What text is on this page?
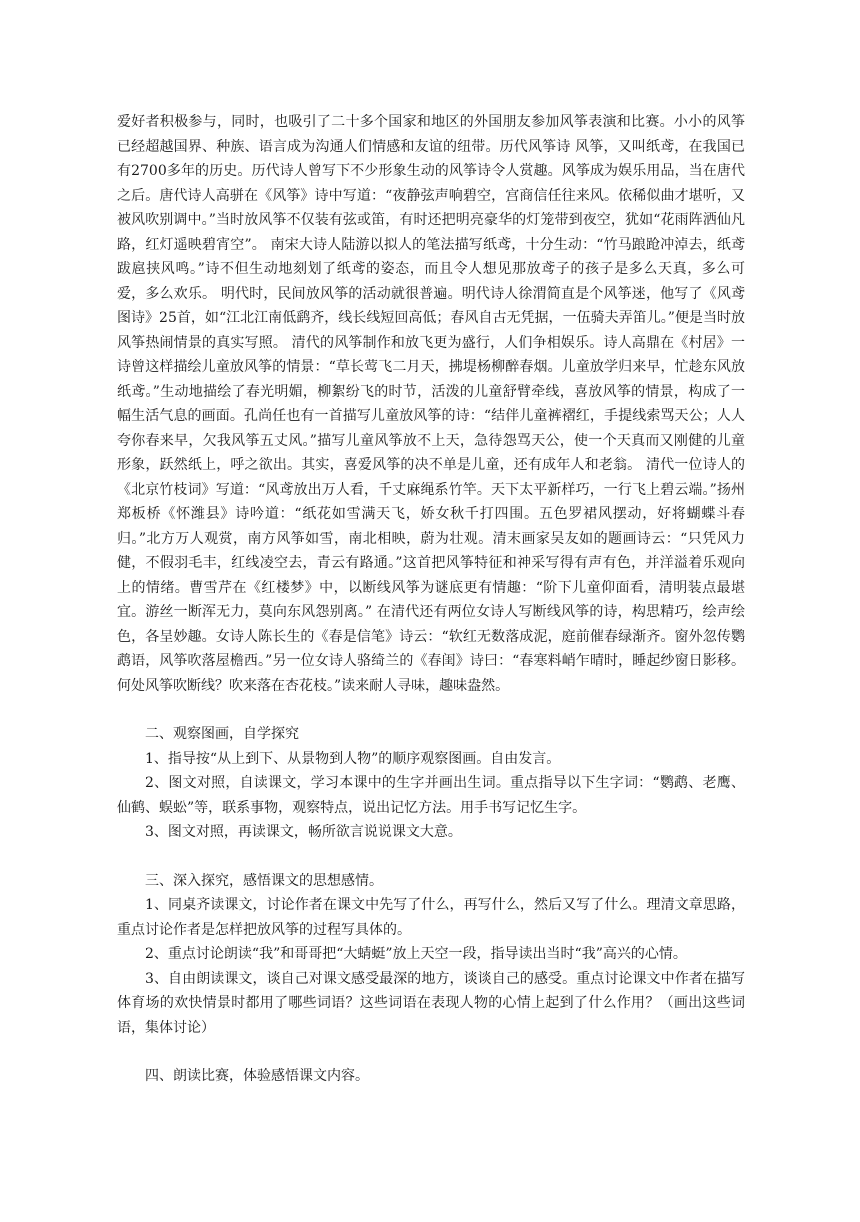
爱好者积极参与，同时，也吸引了二十多个国家和地区的外国朋友参加风筝表演和比赛。小小的风筝已经超越国界、种族、语言成为沟通人们情感和友谊的纽带。历代风筝诗 风筝，又叫纸鸢，在我国已有2700多年的历史。历代诗人曾写下不少形象生动的风筝诗令人赏趣。风筝成为娱乐用品，当在唐代之后。唐代诗人高骈在《风筝》诗中写道：“夜静弦声响碧空，宫商信任往来风。依稀似曲才堪听，又被风吹别调中。”当时放风筝不仅装有弦或笛，有时还把明亮豪华的灯笼带到夜空，犹如“花雨阵洒仙凡路，红灯遥映碧宵空”。 南宋大诗人陆游以拟人的笔法描写纸鸢，十分生动：“竹马踉跄冲淖去，纸鸢跋扈挟风鸣。”诗不但生动地刻划了纸鸢的姿态，而且令人想见那放鸢子的孩子是多么天真，多么可爱，多么欢乐。 明代时，民间放风筝的活动就很普遍。明代诗人徐渭简直是个风筝迷，他写了《风鸢图诗》25首，如“江北江南低鹞齐，线长线短回高低；春风自古无凭据，一伍骑夫弄笛儿。”便是当时放风筝热闹情景的真实写照。 清代的风筝制作和放飞更为盛行，人们争相娱乐。诗人高鼎在《村居》一诗曾这样描绘儿童放风筝的情景：“草长莺飞二月天，拂堤杨柳醉春烟。儿童放学归来早，忙趁东风放纸鸢。”生动地描绘了春光明媚，柳絮纷飞的时节，活泼的儿童舒臂牵线，喜放风筝的情景，构成了一幅生活气息的画面。孔尚任也有一首描写儿童放风筝的诗：“结伴儿童裤褶红，手提线索骂天公；人人夸你春来早，欠我风筝五丈风。”描写儿童风筝放不上天，急待怨骂天公，使一个天真而又刚健的儿童形象，跃然纸上，呼之欲出。其实，喜爱风筝的决不单是儿童，还有成年人和老翁。 清代一位诗人的《北京竹枝词》写道：“风鸢放出万人看，千丈麻绳系竹竿。天下太平新样巧，一行飞上碧云端。”扬州郑板桥《怀潍县》诗吟道：“纸花如雪满天飞，娇女秋千打四围。五色罗裙风摆动，好将蝴蝶斗春归。”北方万人观赏，南方风筝如雪，南北相映，蔚为壮观。清末画家吴友如的题画诗云：“只凭风力健，不假羽毛丰，红线凌空去，青云有路通。”这首把风筝特征和神采写得有声有色，并洋溢着乐观向上的情绪。曹雪芹在《红楼梦》中，以断线风筝为谜底更有情趣：“阶下儿童仰面看，清明装点最堪宜。游丝一断浑无力，莫向东风怨别离。” 在清代还有两位女诗人写断线风筝的诗，构思精巧，绘声绘色，各呈妙趣。女诗人陈长生的《春是信笔》诗云：“软红无数落成泥，庭前催春绿渐齐。窗外忽传鹦鹉语，风筝吹落屋檐西。”另一位女诗人骆绮兰的《春闺》诗曰：“春寒料峭乍晴时，睡起纱窗日影移。何处风筝吹断线？吹来落在杏花枝。”读来耐人寻味，趣味盎然。

二、观察图画，自学探究

1、指导按“从上到下、从景物到人物”的顺序观察图画。自由发言。

2、图文对照，自读课文，学习本课中的生字并画出生词。重点指导以下生字词：“鹦鹉、老鹰、仙鹤、蜈蚣”等，联系事物，观察特点，说出记忆方法。用手书写记忆生字。

3、图文对照，再读课文，畅所欲言说说课文大意。

三、深入探究，感悟课文的思想感情。

1、同桌齐读课文，讨论作者在课文中先写了什么，再写什么，然后又写了什么。理清文章思路，重点讨论作者是怎样把放风筝的过程写具体的。

2、重点讨论朗读“我”和哥哥把“大蜻蜓”放上天空一段，指导读出当时“我”高兴的心情。

3、自由朗读课文，谈自己对课文感受最深的地方，谈谈自己的感受。重点讨论课文中作者在描写体育场的欢快情景时都用了哪些词语？这些词语在表现人物的心情上起到了什么作用？（画出这些词语，集体讨论）

四、朗读比赛，体验感悟课文内容。
